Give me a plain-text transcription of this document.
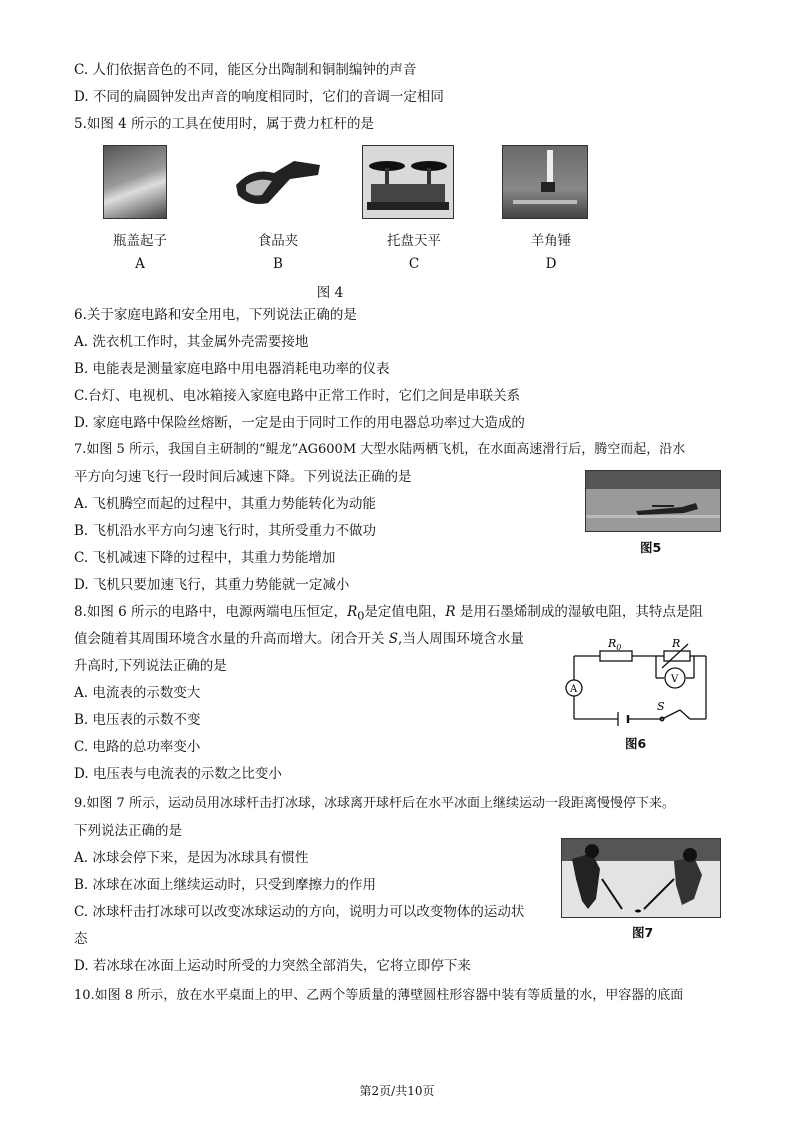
C. 人们依据音色的不同，能区分出陶制和铜制编钟的声音
D. 不同的扁圆钟发出声音的响度相同时，它们的音调一定相同
5.如图 4 所示的工具在使用时，属于费力杠杆的是
瓶盖起子	食品夹	托盘天平	羊角锤
A	B	C	D
图 4
6.关于家庭电路和安全用电，下列说法正确的是
A. 洗衣机工作时，其金属外壳需要接地
B. 电能表是测量家庭电路中用电器消耗电功率的仪表
C.台灯、电视机、电冰箱接入家庭电路中正常工作时，它们之间是串联关系
D. 家庭电路中保险丝熔断，一定是由于同时工作的用电器总功率过大造成的
7.如图 5 所示，我国自主研制的“鲲龙”AG600M 大型水陆两栖飞机，在水面高速滑行后，腾空而起，沿水
平方向匀速飞行一段时间后减速下降。下列说法正确的是
A. 飞机腾空而起的过程中，其重力势能转化为动能
B. 飞机沿水平方向匀速飞行时，其所受重力不做功
C. 飞机减速下降的过程中，其重力势能增加
D. 飞机只要加速飞行，其重力势能就一定减小
图5
8.如图 6 所示的电路中，电源两端电压恒定，$R_0$是定值电阻，R 是用石墨烯制成的湿敏电阻，其特点是阻
值会随着其周围环境含水量的升高而增大。闭合开关 S,当人周围环境含水量
升高时,下列说法正确的是
A. 电流表的示数变大
B. 电压表的示数不变
C. 电路的总功率变小
D. 电压表与电流表的示数之比变小
$R_0$	R
A
V
S
图6
9.如图 7 所示，运动员用冰球杆击打冰球，冰球离开球杆后在水平冰面上继续运动一段距离慢慢停下来。
下列说法正确的是
A. 冰球会停下来，是因为冰球具有惯性
B. 冰球在冰面上继续运动时，只受到摩擦力的作用
C. 冰球杆击打冰球可以改变冰球运动的方向，说明力可以改变物体的运动状
态
D. 若冰球在冰面上运动时所受的力突然全部消失，它将立即停下来
图7
10.如图 8 所示，放在水平桌面上的甲、乙两个等质量的薄壁圆柱形容器中装有等质量的水，甲容器的底面
第2页/共10页
